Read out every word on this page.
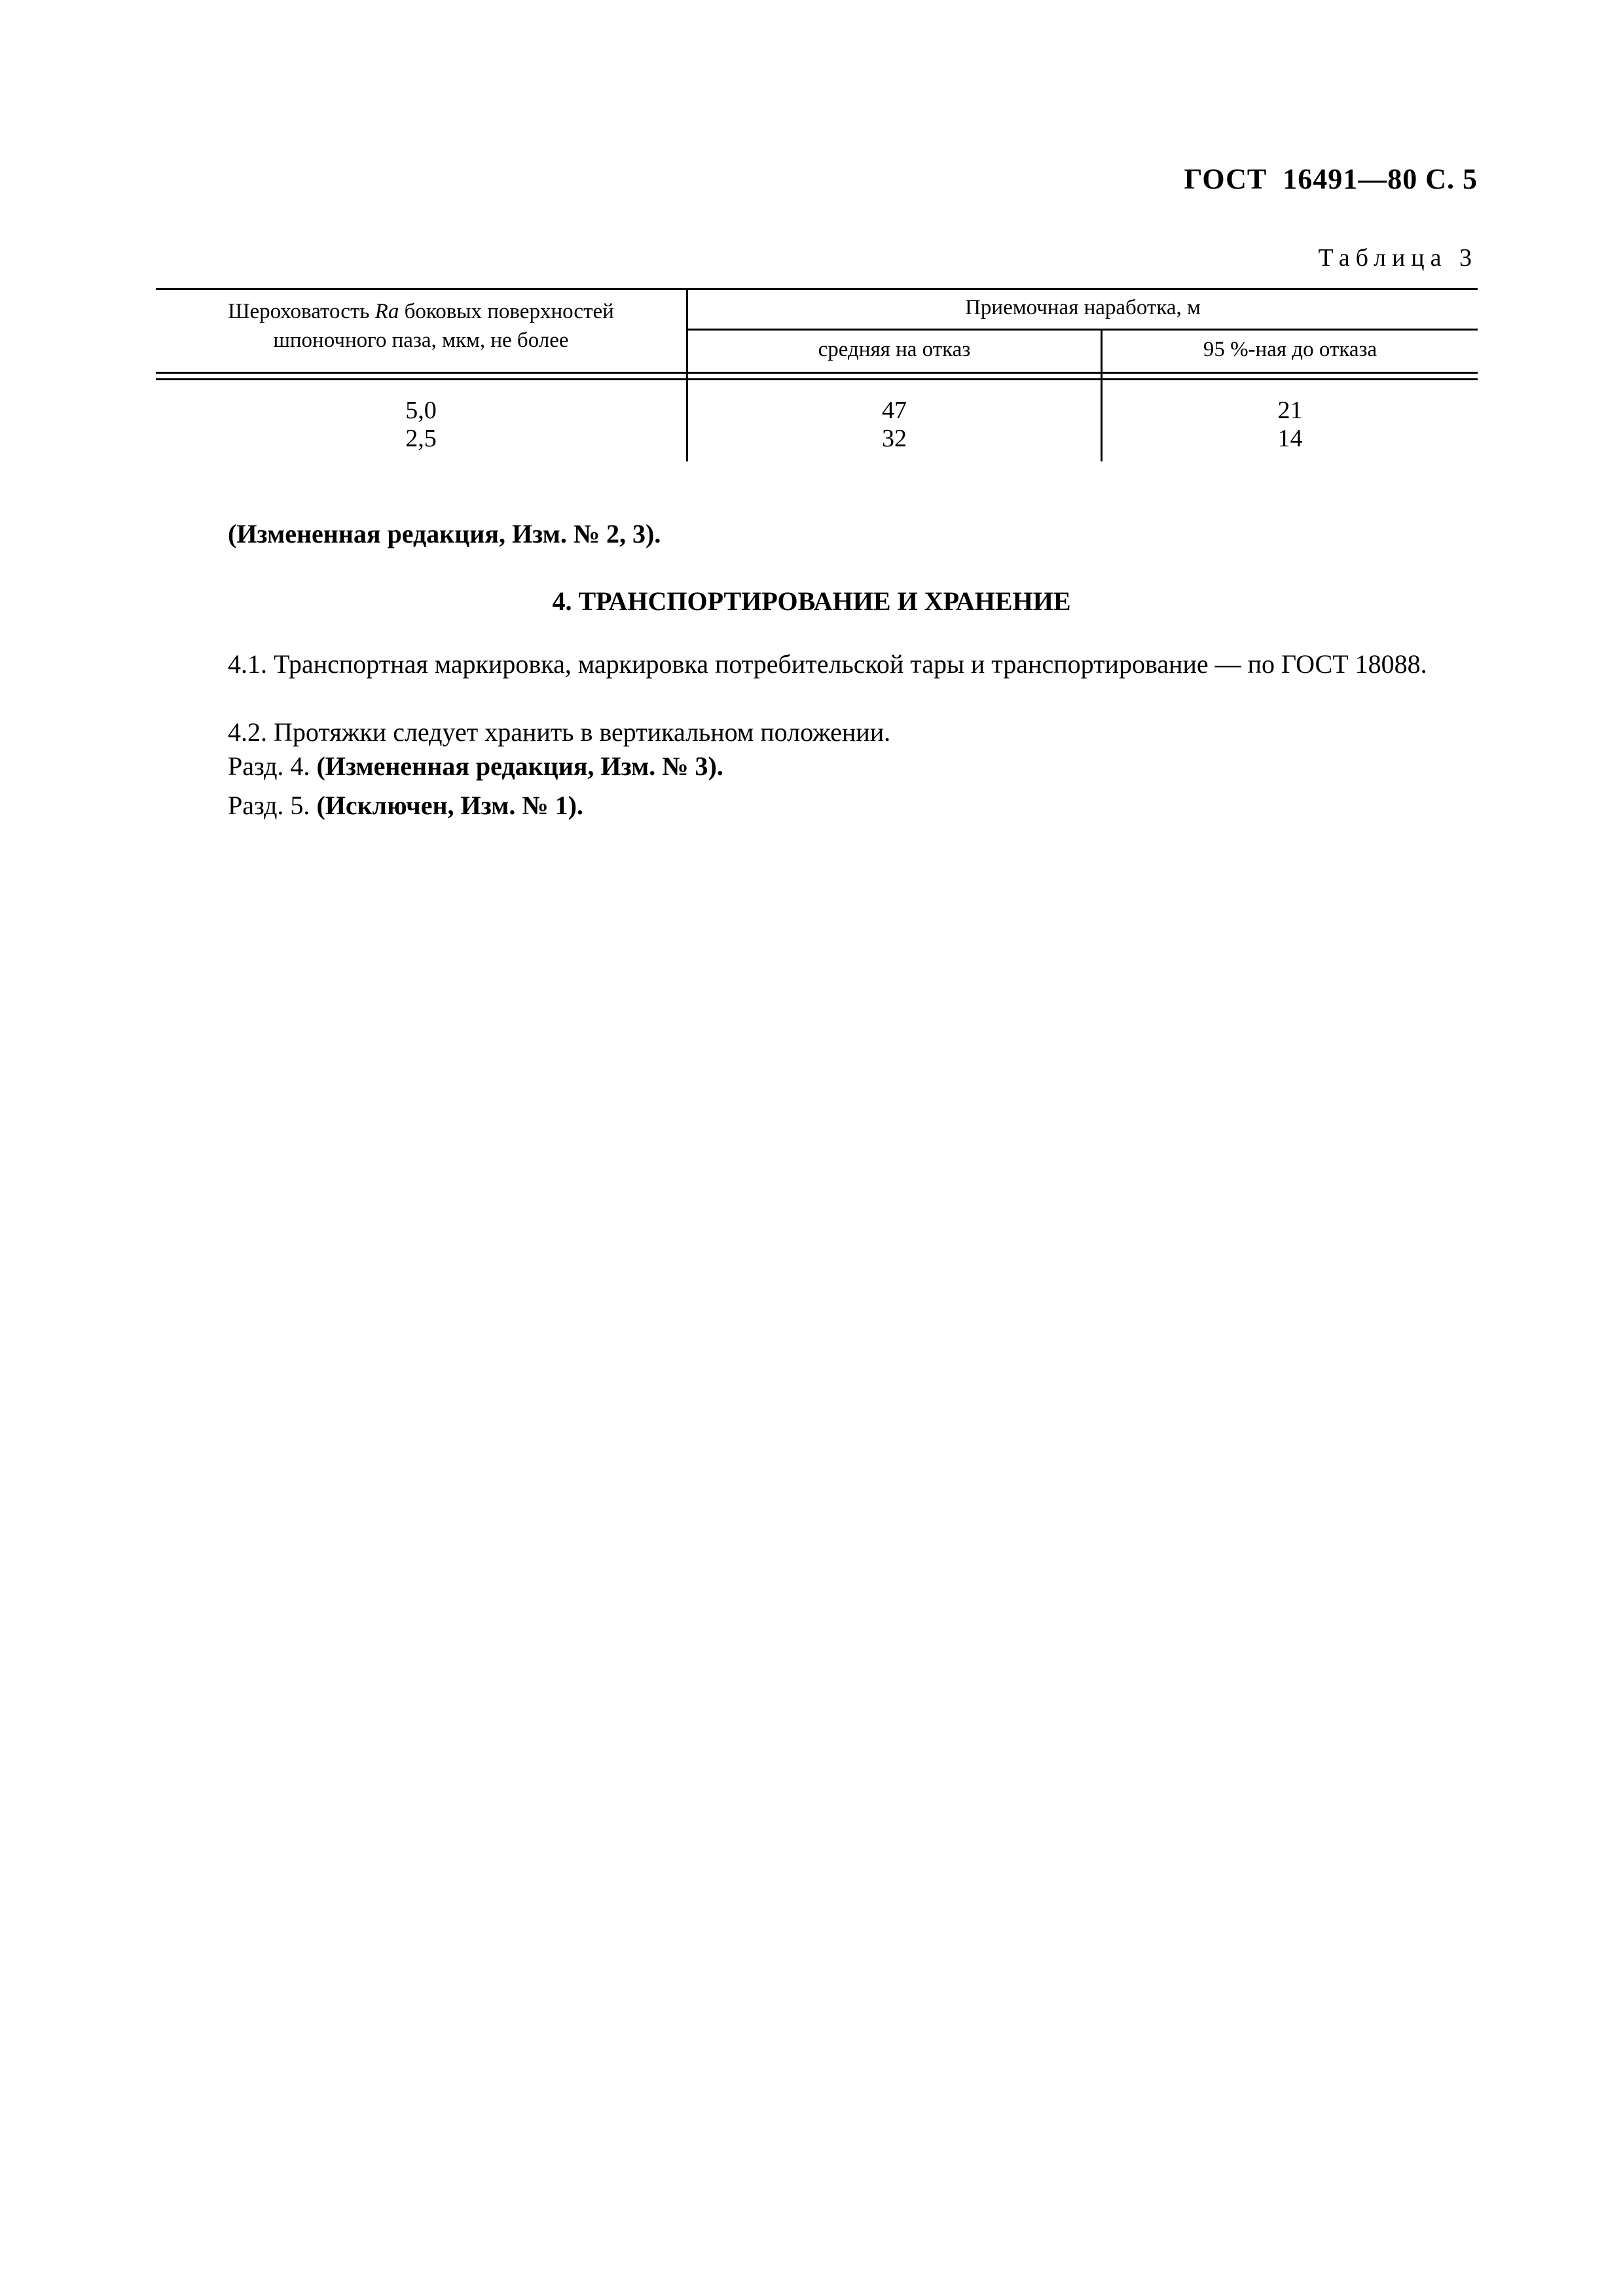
ГОСТ  16491—80 С. 5
Таблица 3
Шероховатость Ra боковых поверхностей
шпоночного паза, мкм, не более
Приемочная наработка, м
средняя на отказ	95 %-ная до отказа
5,0	47	21
2,5	32	14
(Измененная редакция, Изм. № 2, 3).
4. ТРАНСПОРТИРОВАНИЕ И ХРАНЕНИЕ
4.1. Транспортная маркировка, маркировка потребительской тары и транспортирование — по ГОСТ 18088.
4.2. Протяжки следует хранить в вертикальном положении.
Разд. 4. (Измененная редакция, Изм. № 3).
Разд. 5. (Исключен, Изм. № 1).
